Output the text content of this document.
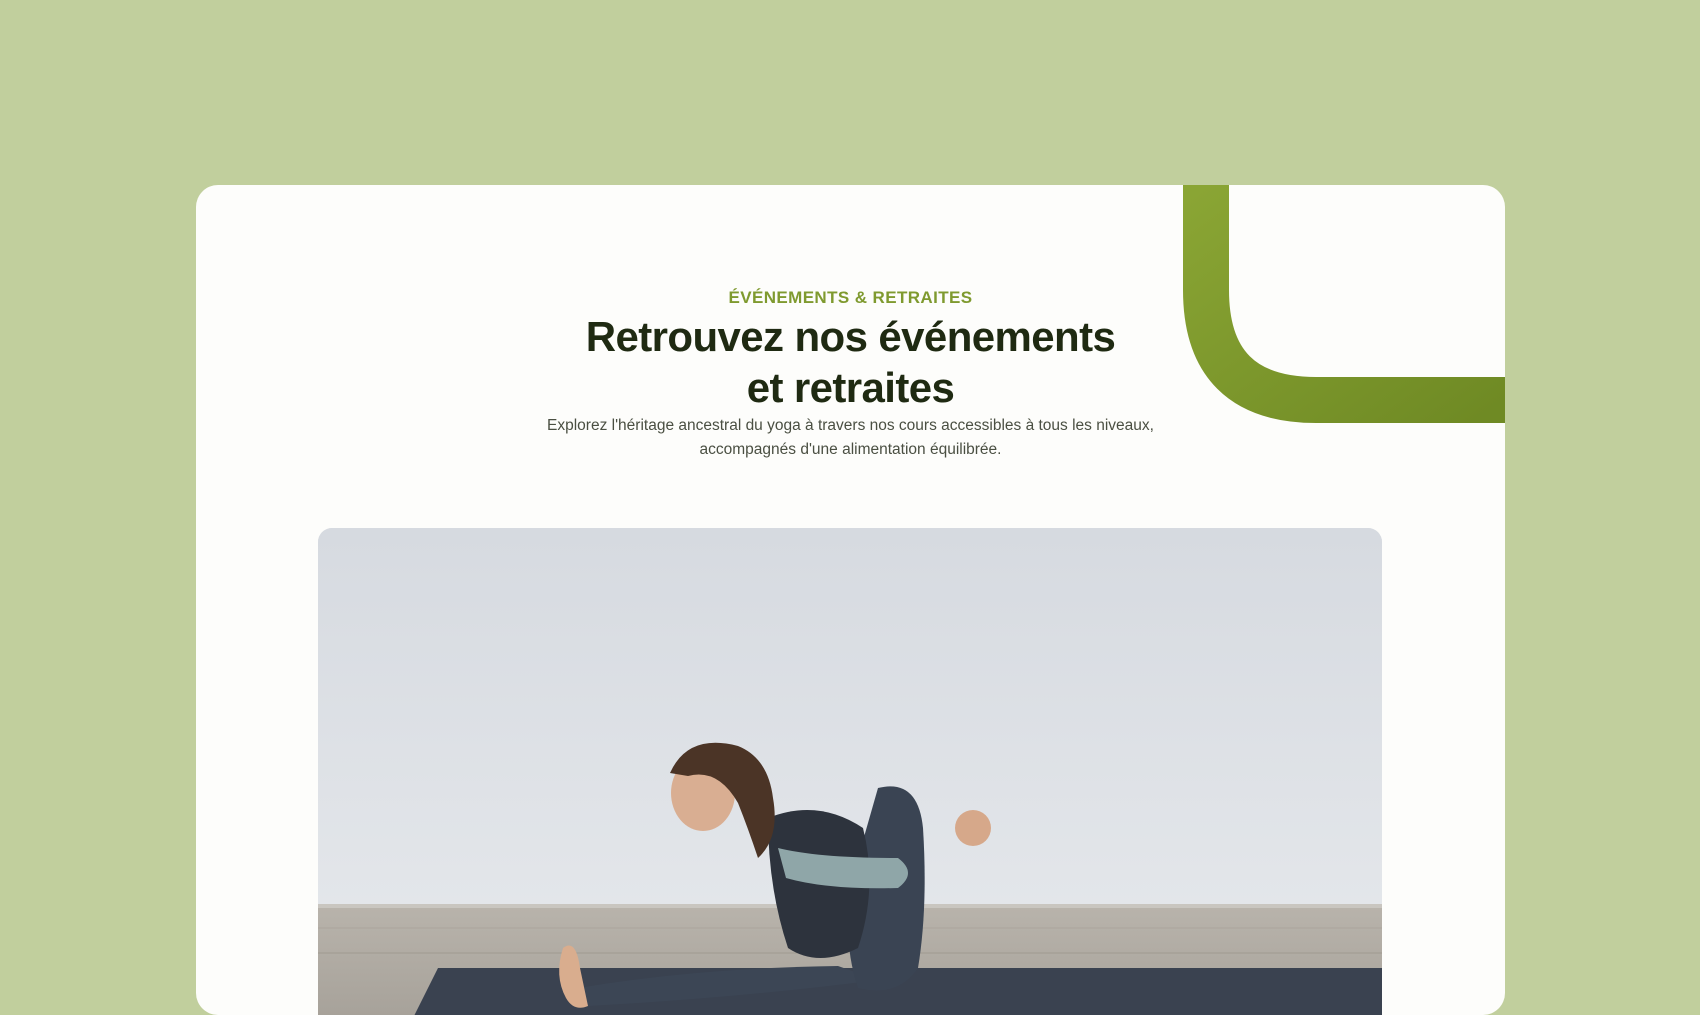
ÉVÉNEMENTS & RETRAITES
Retrouvez nos événements
et retraites

Explorez l'héritage ancestral du yoga à travers nos cours accessibles à tous les niveaux,
accompagnés d'une alimentation équilibrée.
